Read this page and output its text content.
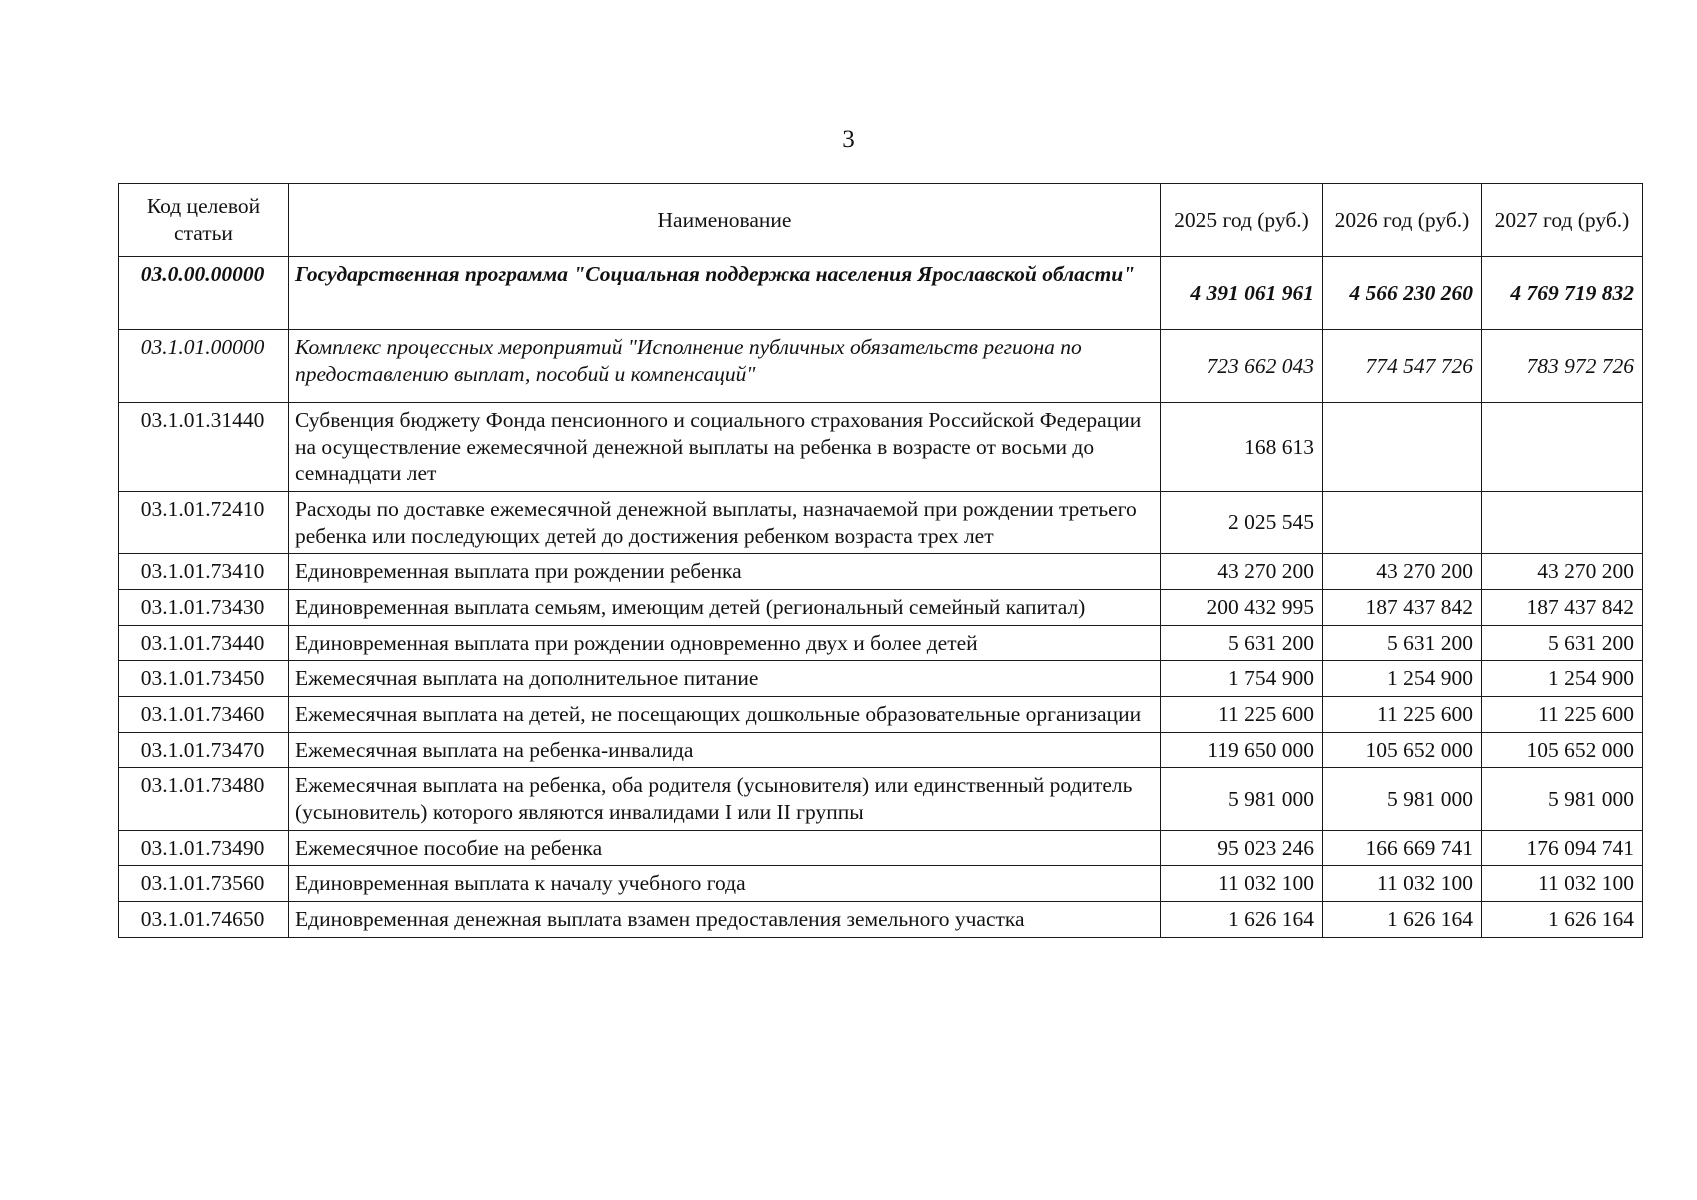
3
Код целевой статьи	Наименование	2025 год (руб.)	2026 год (руб.)	2027 год (руб.)
03.0.00.00000	Государственная программа "Социальная поддержка населения Ярославской области"	4 391 061 961	4 566 230 260	4 769 719 832
03.1.01.00000	Комплекс процессных мероприятий "Исполнение публичных обязательств региона по предоставлению выплат, пособий и компенсаций"	723 662 043	774 547 726	783 972 726
03.1.01.31440	Субвенция бюджету Фонда пенсионного и социального страхования Российской Федерации на осуществление ежемесячной денежной выплаты на ребенка в возрасте от восьми до семнадцати лет	168 613		
03.1.01.72410	Расходы по доставке ежемесячной денежной выплаты, назначаемой при рождении третьего ребенка или последующих детей до достижения ребенком возраста трех лет	2 025 545		
03.1.01.73410	Единовременная выплата при рождении ребенка	43 270 200	43 270 200	43 270 200
03.1.01.73430	Единовременная выплата семьям, имеющим детей (региональный семейный капитал)	200 432 995	187 437 842	187 437 842
03.1.01.73440	Единовременная выплата при рождении одновременно двух и более детей	5 631 200	5 631 200	5 631 200
03.1.01.73450	Ежемесячная выплата на дополнительное питание	1 754 900	1 254 900	1 254 900
03.1.01.73460	Ежемесячная выплата на детей, не посещающих дошкольные образовательные организации	11 225 600	11 225 600	11 225 600
03.1.01.73470	Ежемесячная выплата на ребенка-инвалида	119 650 000	105 652 000	105 652 000
03.1.01.73480	Ежемесячная выплата на ребенка, оба родителя (усыновителя) или единственный родитель (усыновитель) которого являются инвалидами I или II группы	5 981 000	5 981 000	5 981 000
03.1.01.73490	Ежемесячное пособие на ребенка	95 023 246	166 669 741	176 094 741
03.1.01.73560	Единовременная выплата к началу учебного года	11 032 100	11 032 100	11 032 100
03.1.01.74650	Единовременная денежная выплата взамен предоставления земельного участка	1 626 164	1 626 164	1 626 164
